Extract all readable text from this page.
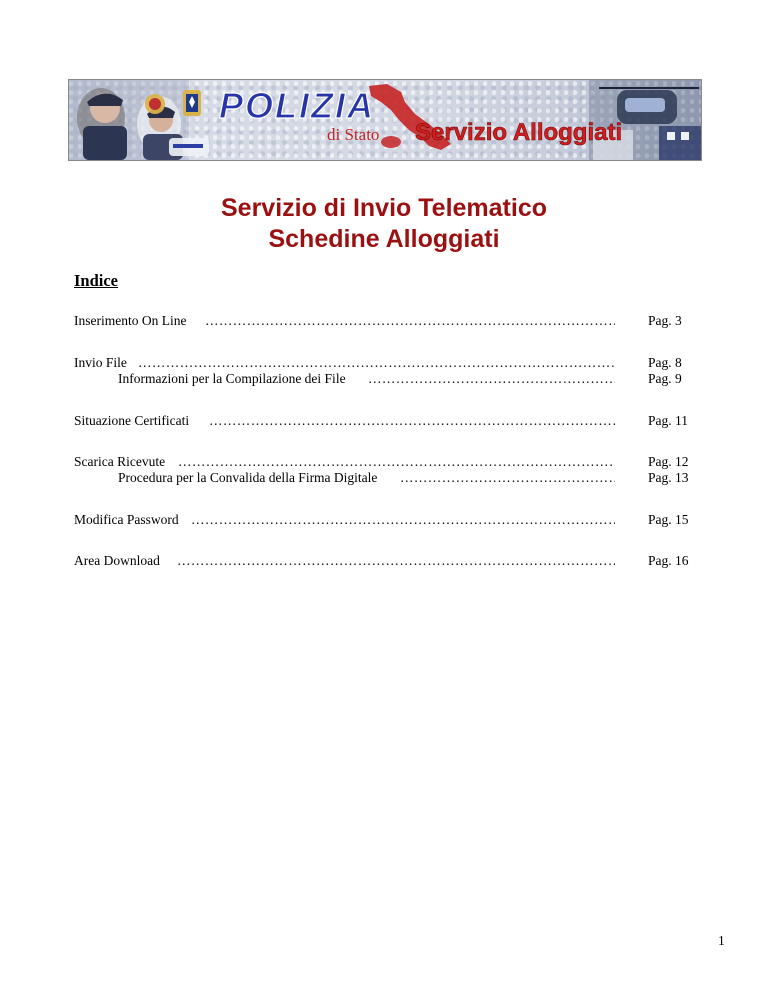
POLIZIA
di Stato Servizio Alloggiati
Servizio di Invio Telematico
Schedine Alloggiati
Indice
Inserimento On Line ……………………………………………………………………………………………………………………………………	Pag. 3
Invio File ……………………………………………………………………………………………………………………………………	Pag. 8
Informazioni per la Compilazione dei File ……………………………………………………………………………………………………………………………………	Pag. 9
Situazione Certificati ……………………………………………………………………………………………………………………………………	Pag. 11
Scarica Ricevute ……………………………………………………………………………………………………………………………………	Pag. 12
Procedura per la Convalida della Firma Digitale ……………………………………………………………………………………………………………………………………	Pag. 13
Modifica Password ……………………………………………………………………………………………………………………………………	Pag. 15
Area Download ……………………………………………………………………………………………………………………………………	Pag. 16
1
